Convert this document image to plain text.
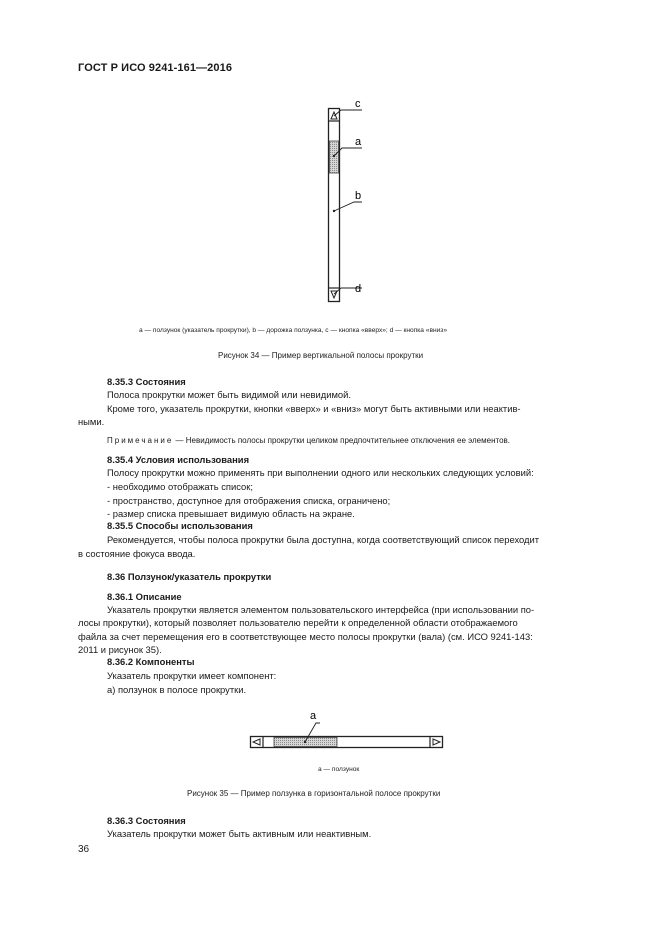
ГОСТ Р ИСО 9241-161—2016
c
a
b
d
a — ползунок (указатель прокрутки), b — дорожка ползунка, c — кнопка «вверх»; d — кнопка «вниз»
Рисунок 34 — Пример вертикальной полосы прокрутки
8.35.3 Состояния
Полоса прокрутки может быть видимой или невидимой.
Кроме того, указатель прокрутки, кнопки «вверх» и «вниз» могут быть активными или неактив-
ными.
Примечание — Невидимость полосы прокрутки целиком предпочтительнее отключения ее элементов.
8.35.4 Условия использования
Полосу прокрутки можно применять при выполнении одного или нескольких следующих условий:
- необходимо отображать список;
- пространство, доступное для отображения списка, ограничено;
- размер списка превышает видимую область на экране.
8.35.5 Способы использования
Рекомендуется, чтобы полоса прокрутки была доступна, когда соответствующий список переходит
в состояние фокуса ввода.
8.36 Ползунок/указатель прокрутки
8.36.1 Описание
Указатель прокрутки является элементом пользовательского интерфейса (при использовании по-
лосы прокрутки), который позволяет пользователю перейти к определенной области отображаемого
файла за счет перемещения его в соответствующее место полосы прокрутки (вала) (см. ИСО 9241-143:
2011 и рисунок 35).
8.36.2 Компоненты
Указатель прокрутки имеет компонент:
а) ползунок в полосе прокрутки.
a
a — ползунок
Рисунок 35 — Пример ползунка в горизонтальной полосе прокрутки
8.36.3 Состояния
Указатель прокрутки может быть активным или неактивным.
36
